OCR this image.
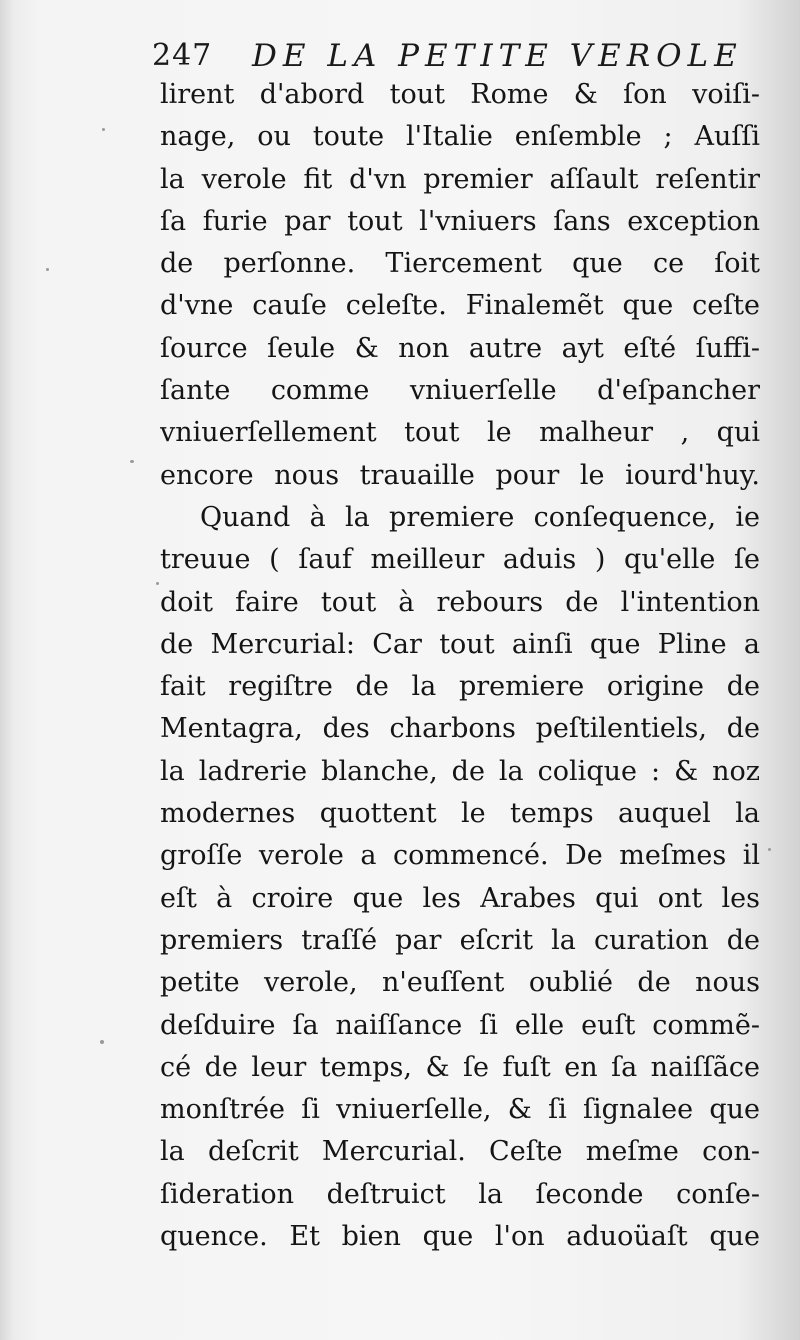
247 DE LA PETITE VEROLE
lirent d'abord tout Rome & ſon voiſi-
nage, ou toute l'Italie enſemble ; Auſſi
la verole fit d'vn premier aſſault reſentir
ſa furie par tout l'vniuers ſans exception
de perſonne. Tiercement que ce ſoit
d'vne cauſe celeſte. Finalemẽt que ceſte
ſource ſeule & non autre ayt eſté ſuffi-
ſante comme vniuerſelle d'eſpancher
vniuerſellement tout le malheur , qui
encore nous trauaille pour le iourd'huy.
Quand à la premiere conſequence, ie
treuue ( ſauf meilleur aduis ) qu'elle ſe
doit faire tout à rebours de l'intention
de Mercurial: Car tout ainſi que Pline a
fait regiſtre de la premiere origine de
Mentagra, des charbons peſtilentiels, de
la ladrerie blanche, de la colique : & noz
modernes quottent le temps auquel la
groſſe verole a commencé. De meſmes il
eſt à croire que les Arabes qui ont les
premiers traſſé par eſcrit la curation de
petite verole, n'euſſent oublié de nous
deſduire ſa naiſſance ſi elle euſt commẽ-
cé de leur temps, & ſe fuſt en ſa naiſſãce
monſtrée ſi vniuerſelle, & ſi ſignalee que
la deſcrit Mercurial. Ceſte meſme con-
ſideration deſtruict la ſeconde conſe-
quence. Et bien que l'on aduoüaſt que
